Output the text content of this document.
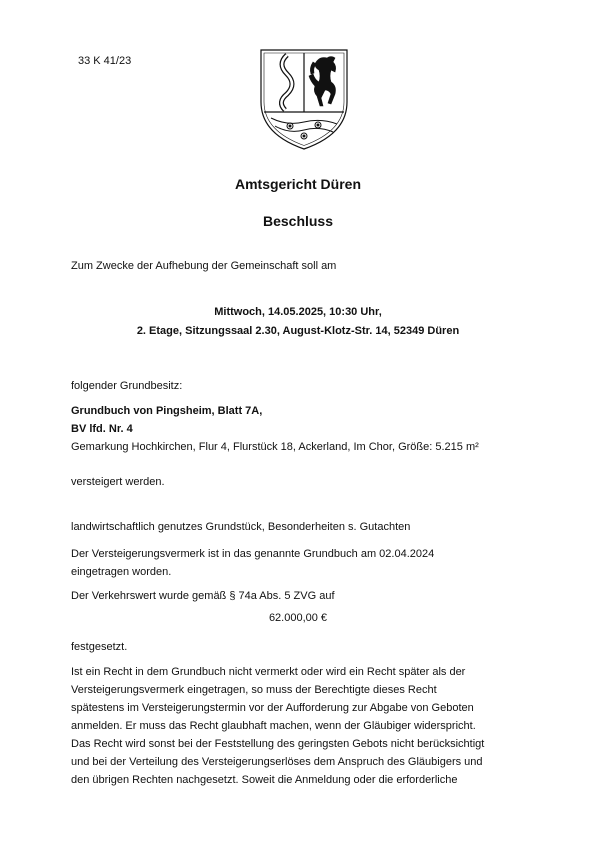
33 K 41/23

Amtsgericht Düren
Beschluss

Zum Zwecke der Aufhebung der Gemeinschaft soll am

Mittwoch, 14.05.2025, 10:30 Uhr,

2. Etage, Sitzungssaal 2.30, August-Klotz-Str. 14, 52349 Düren

folgender Grundbesitz:

Grundbuch von Pingsheim, Blatt 7A,

BV lfd. Nr. 4

Gemarkung Hochkirchen, Flur 4, Flurstück 18, Ackerland, Im Chor, Größe: 5.215 m²

versteigert werden.

landwirtschaftlich genutzes Grundstück, Besonderheiten s. Gutachten

Der Versteigerungsvermerk ist in das genannte Grundbuch am 02.04.2024

eingetragen worden.

Der Verkehrswert wurde gemäß § 74a Abs. 5 ZVG auf

62.000,00 €

festgesetzt.

Ist ein Recht in dem Grundbuch nicht vermerkt oder wird ein Recht später als der
Versteigerungsvermerk eingetragen, so muss der Berechtigte dieses Recht
spätestens im Versteigerungstermin vor der Aufforderung zur Abgabe von Geboten
anmelden. Er muss das Recht glaubhaft machen, wenn der Gläubiger widerspricht.
Das Recht wird sonst bei der Feststellung des geringsten Gebots nicht berücksichtigt
und bei der Verteilung des Versteigerungserlöses dem Anspruch des Gläubigers und
den übrigen Rechten nachgesetzt. Soweit die Anmeldung oder die erforderliche
